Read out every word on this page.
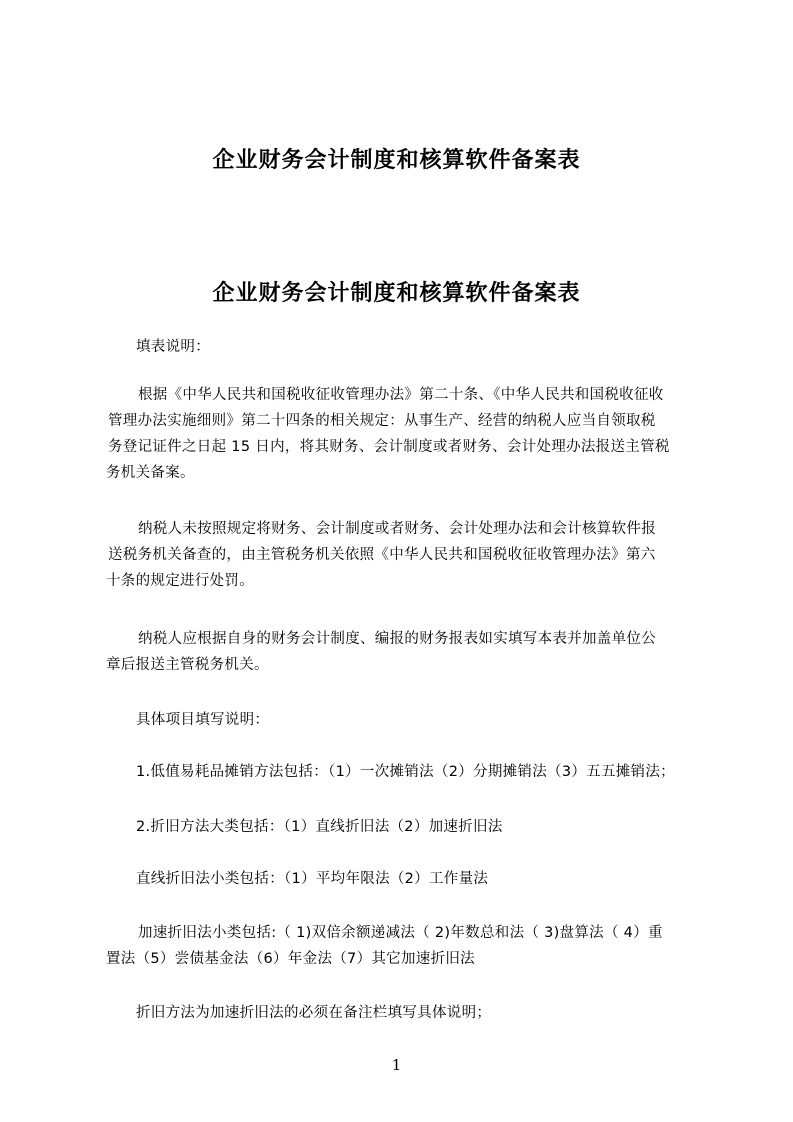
企业财务会计制度和核算软件备案表
企业财务会计制度和核算软件备案表
填表说明：
根据《中华人民共和国税收征收管理办法》第二十条、《中华人民共和国税收征收
管理办法实施细则》第二十四条的相关规定：从事生产、经营的纳税人应当自领取税
务登记证件之日起 15 日内，将其财务、会计制度或者财务、会计处理办法报送主管税
务机关备案。
纳税人未按照规定将财务、会计制度或者财务、会计处理办法和会计核算软件报
送税务机关备查的，由主管税务机关依照《中华人民共和国税收征收管理办法》第六
十条的规定进行处罚。
纳税人应根据自身的财务会计制度、编报的财务报表如实填写本表并加盖单位公
章后报送主管税务机关。
具体项目填写说明：
1.低值易耗品摊销方法包括：（1）一次摊销法（2）分期摊销法（3）五五摊销法；
2.折旧方法大类包括：（1）直线折旧法（2）加速折旧法
直线折旧法小类包括：（1）平均年限法（2）工作量法
加速折旧法小类包括:（ 1)双倍余额递减法（ 2)年数总和法（ 3)盘算法（ 4）重
置法（5）尝债基金法（6）年金法（7）其它加速折旧法
折旧方法为加速折旧法的必须在备注栏填写具体说明；
1
